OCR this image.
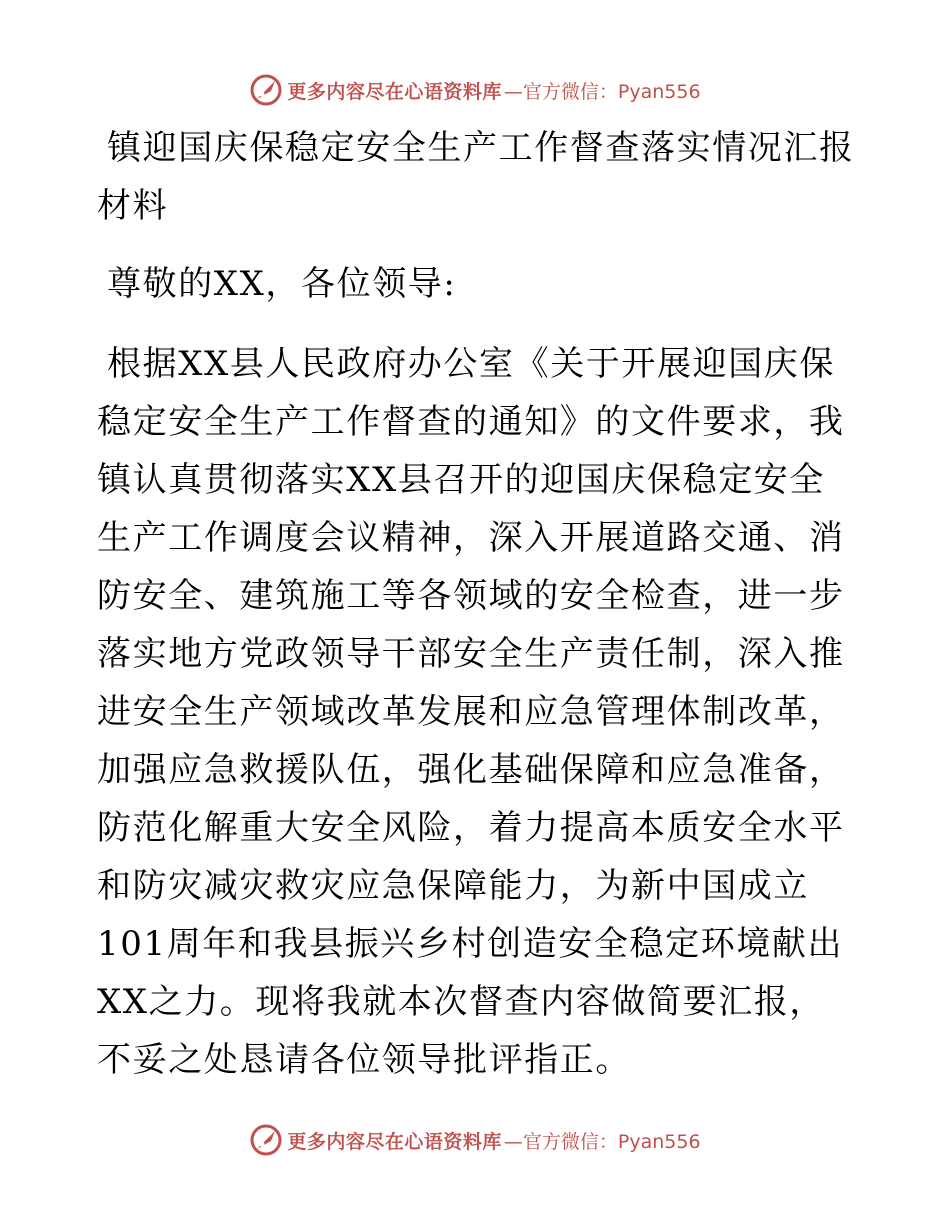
更多内容尽在心语资料库 —官方微信：Pyan556

镇迎国庆保稳定安全生产工作督查落实情况汇报材料

尊敬的XX，各位领导:

根据XX县人民政府办公室《关于开展迎国庆保稳定安全生产工作督查的通知》的文件要求，我镇认真贯彻落实XX县召开的迎国庆保稳定安全生产工作调度会议精神，深入开展道路交通、消防安全、建筑施工等各领域的安全检查，进一步落实地方党政领导干部安全生产责任制，深入推进安全生产领域改革发展和应急管理体制改革，加强应急救援队伍，强化基础保障和应急准备，防范化解重大安全风险，着力提高本质安全水平和防灾减灾救灾应急保障能力，为新中国成立101周年和我县振兴乡村创造安全稳定环境献出XX之力。现将我就本次督查内容做简要汇报，不妥之处恳请各位领导批评指正。

更多内容尽在心语资料库 —官方微信：Pyan556
